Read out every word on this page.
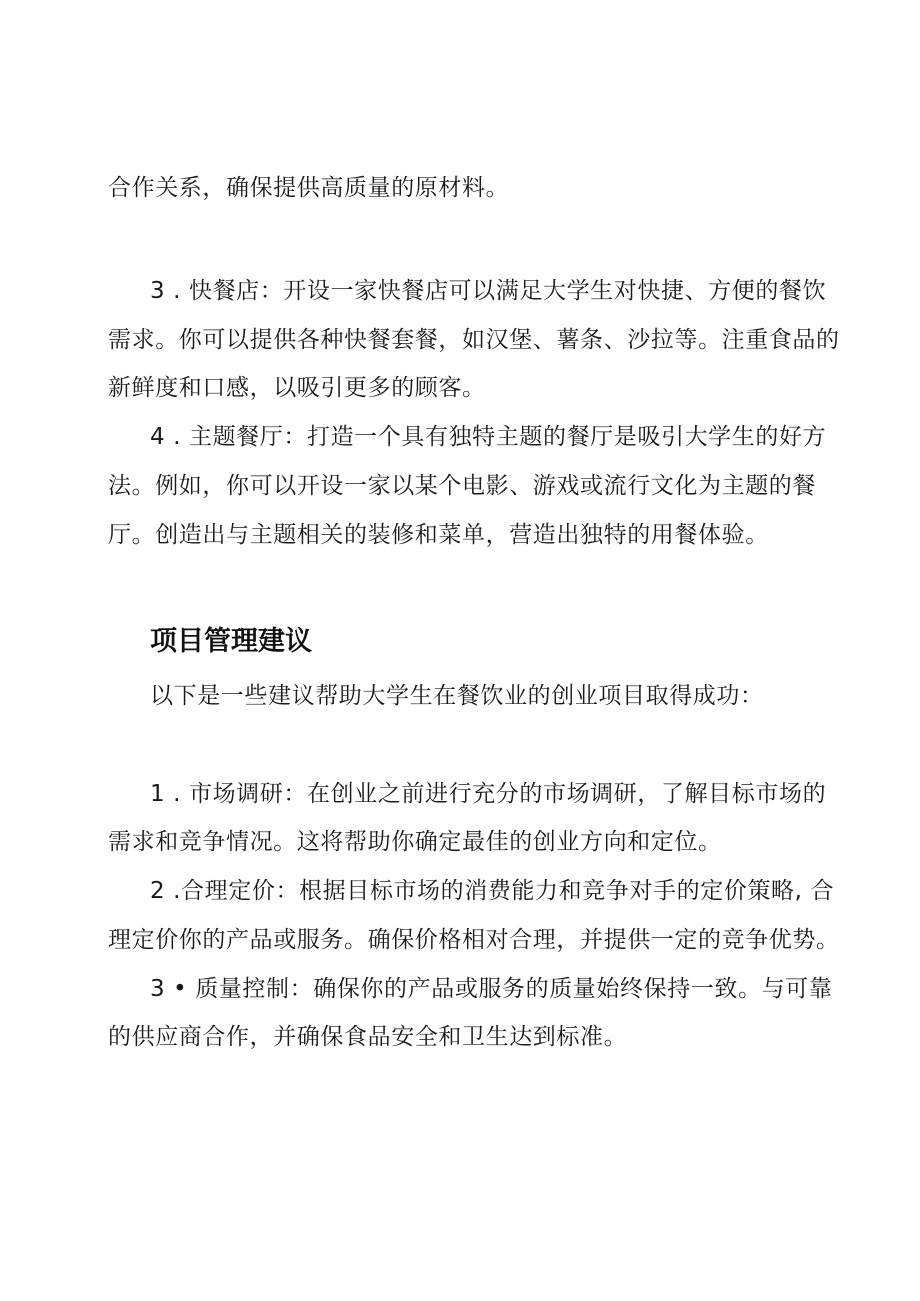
合作关系，确保提供高质量的原材料。
3 . 快餐店：开设一家快餐店可以满足大学生对快捷、方便的餐饮
需求。你可以提供各种快餐套餐，如汉堡、薯条、沙拉等。注重食品的
新鲜度和口感，以吸引更多的顾客。
4 . 主题餐厅：打造一个具有独特主题的餐厅是吸引大学生的好方
法。例如，你可以开设一家以某个电影、游戏或流行文化为主题的餐
厅。创造出与主题相关的装修和菜单，营造出独特的用餐体验。
项目管理建议
以下是一些建议帮助大学生在餐饮业的创业项目取得成功：
1 . 市场调研：在创业之前进行充分的市场调研，了解目标市场的
需求和竞争情况。这将帮助你确定最佳的创业方向和定位。
2 .合理定价：根据目标市场的消费能力和竞争对手的定价策略, 合
理定价你的产品或服务。确保价格相对合理，并提供一定的竞争优势。
3 • 质量控制：确保你的产品或服务的质量始终保持一致。与可靠
的供应商合作，并确保食品安全和卫生达到标准。
